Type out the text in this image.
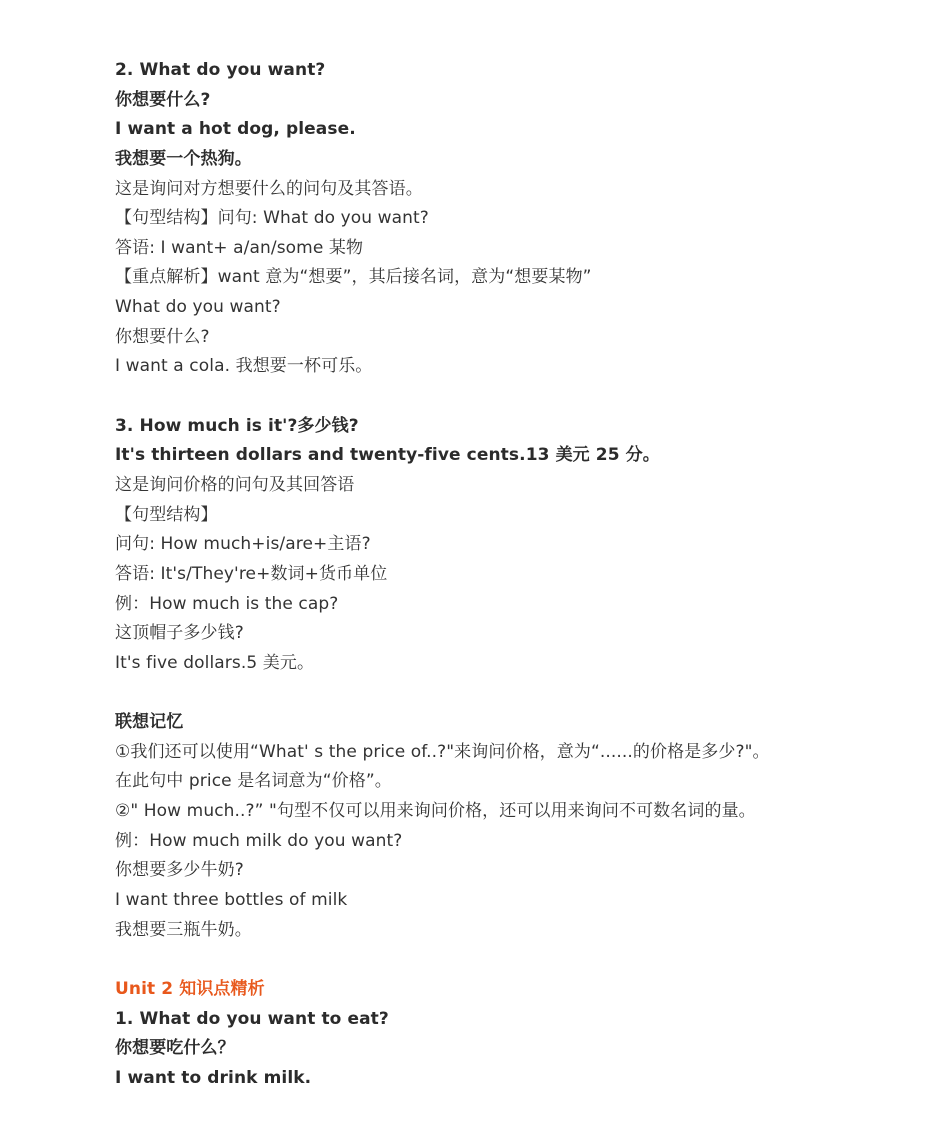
2. What do you want?
你想要什么?
I want a hot dog, please.
我想要一个热狗。
这是询问对方想要什么的问句及其答语。
【句型结构】问句: What do you want?
答语: I want+ a/an/some 某物
【重点解析】want 意为“想要”，其后接名词，意为“想要某物”
What do you want?
你想要什么?
I want a cola. 我想要一杯可乐。
3. How much is it'?多少钱?
It's thirteen dollars and twenty-five cents.13 美元 25 分。
这是询问价格的问句及其回答语
【句型结构】
问句: How much+is/are+主语?
答语: It's/They're+数词+货币单位
例：How much is the cap?
这顶帽子多少钱?
It's five dollars.5 美元。
联想记忆
①我们还可以使用“What' s the price of..?"来询问价格，意为“......的价格是多少?"。
在此句中 price 是名词意为“价格”。
②" How much..?” "句型不仅可以用来询问价格，还可以用来询问不可数名词的量。
例：How much milk do you want?
你想要多少牛奶?
I want three bottles of milk
我想要三瓶牛奶。
Unit 2 知识点精析
1. What do you want to eat?
你想要吃什么？
I want to drink milk.
